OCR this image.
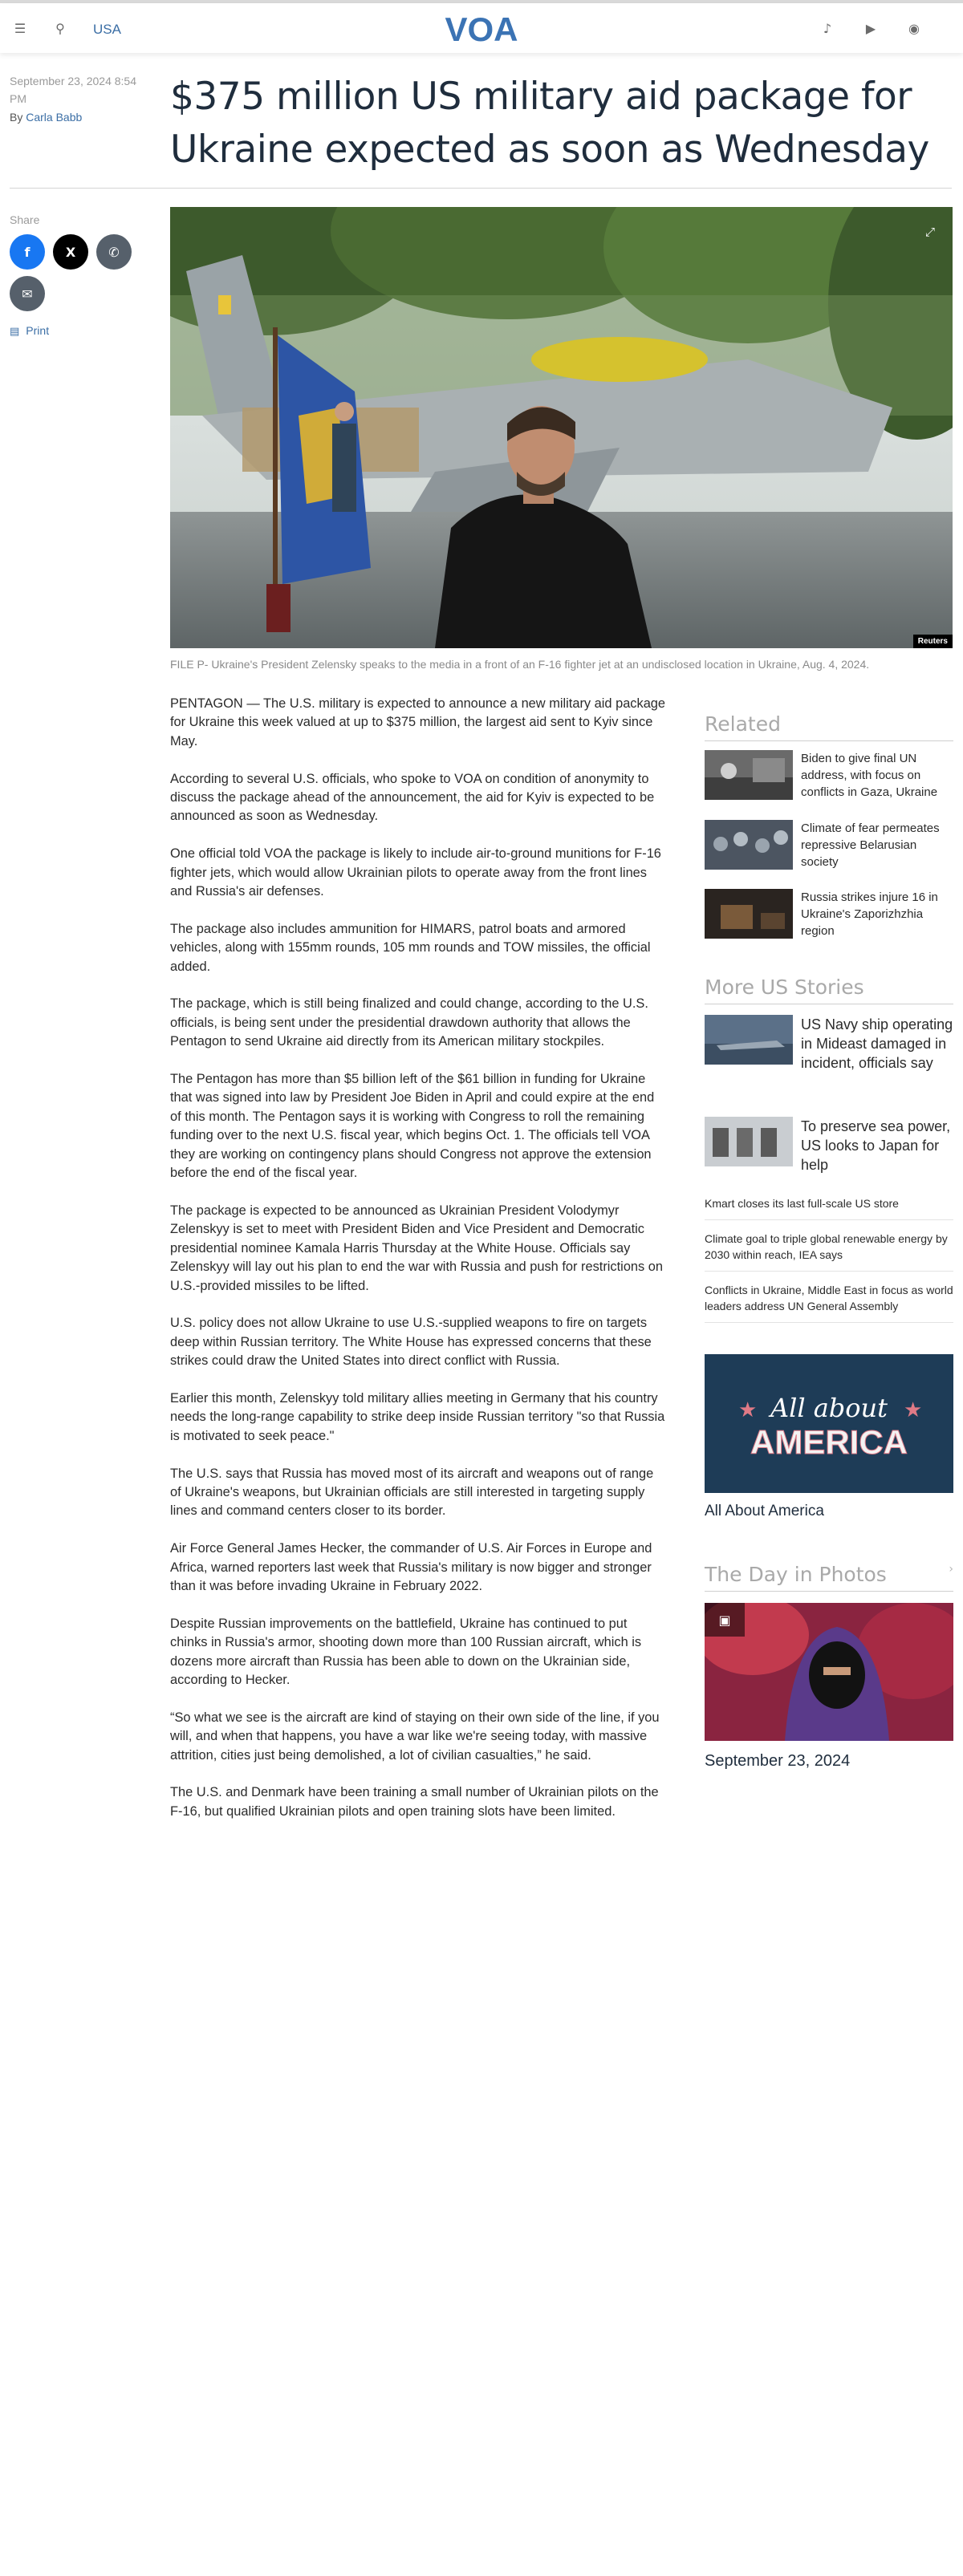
☰	⚲	USA	VOA	♪	▶	◉
September 23, 2024 8:54 PM
By Carla Babb $375 million US military aid package for Ukraine expected as soon as Wednesday
Share
f	X	✆
✉
▤ Print
⤢
Reuters
FILE P- Ukraine's President Zelensky speaks to the media in a front of an F-16 fighter jet at an undisclosed location in Ukraine, Aug. 4, 2024.

PENTAGON — The U.S. military is expected to announce a new military aid package for Ukraine this week valued at up to $375 million, the largest aid sent to Kyiv since May.

According to several U.S. officials, who spoke to VOA on condition of anonymity to discuss the package ahead of the announcement, the aid for Kyiv is expected to be announced as soon as Wednesday.

One official told VOA the package is likely to include air-to-ground munitions for F-16 fighter jets, which would allow Ukrainian pilots to operate away from the front lines and Russia's air defenses.

The package also includes ammunition for HIMARS, patrol boats and armored vehicles, along with 155mm rounds, 105 mm rounds and TOW missiles, the official added.

The package, which is still being finalized and could change, according to the U.S. officials, is being sent under the presidential drawdown authority that allows the Pentagon to send Ukraine aid directly from its American military stockpiles.

The Pentagon has more than $5 billion left of the $61 billion in funding for Ukraine that was signed into law by President Joe Biden in April and could expire at the end of this month. The Pentagon says it is working with Congress to roll the remaining funding over to the next U.S. fiscal year, which begins Oct. 1. The officials tell VOA they are working on contingency plans should Congress not approve the extension before the end of the fiscal year.

The package is expected to be announced as Ukrainian President Volodymyr Zelenskyy is set to meet with President Biden and Vice President and Democratic presidential nominee Kamala Harris Thursday at the White House. Officials say Zelenskyy will lay out his plan to end the war with Russia and push for restrictions on U.S.-provided missiles to be lifted.

U.S. policy does not allow Ukraine to use U.S.-supplied weapons to fire on targets deep within Russian territory. The White House has expressed concerns that these strikes could draw the United States into direct conflict with Russia.

Earlier this month, Zelenskyy told military allies meeting in Germany that his country needs the long-range capability to strike deep inside Russian territory "so that Russia is motivated to seek peace."

The U.S. says that Russia has moved most of its aircraft and weapons out of range of Ukraine's weapons, but Ukrainian officials are still interested in targeting supply lines and command centers closer to its border.

Air Force General James Hecker, the commander of U.S. Air Forces in Europe and Africa, warned reporters last week that Russia's military is now bigger and stronger than it was before invading Ukraine in February 2022.

Despite Russian improvements on the battlefield, Ukraine has continued to put chinks in Russia's armor, shooting down more than 100 Russian aircraft, which is dozens more aircraft than Russia has been able to down on the Ukrainian side, according to Hecker.

“So what we see is the aircraft are kind of staying on their own side of the line, if you will, and when that happens, you have a war like we're seeing today, with massive attrition, cities just being demolished, a lot of civilian casualties,” he said.

The U.S. and Denmark have been training a small number of Ukrainian pilots on the F-16, but qualified Ukrainian pilots and open training slots have been limited.

Related
Biden to give final UN address, with focus on conflicts in Gaza, Ukraine
Climate of fear permeates repressive Belarusian society
Russia strikes injure 16 in Ukraine's Zaporizhzhia region
More US Stories
US Navy ship operating in Mideast damaged in incident, officials say
To preserve sea power, US looks to Japan for help
Kmart closes its last full-scale US store
Climate goal to triple global renewable energy by 2030 within reach, IEA says
Conflicts in Ukraine, Middle East in focus as world leaders address UN General Assembly
★	★
All about
AMERICA
All About America
The Day in Photos	›
▣
September 23, 2024
